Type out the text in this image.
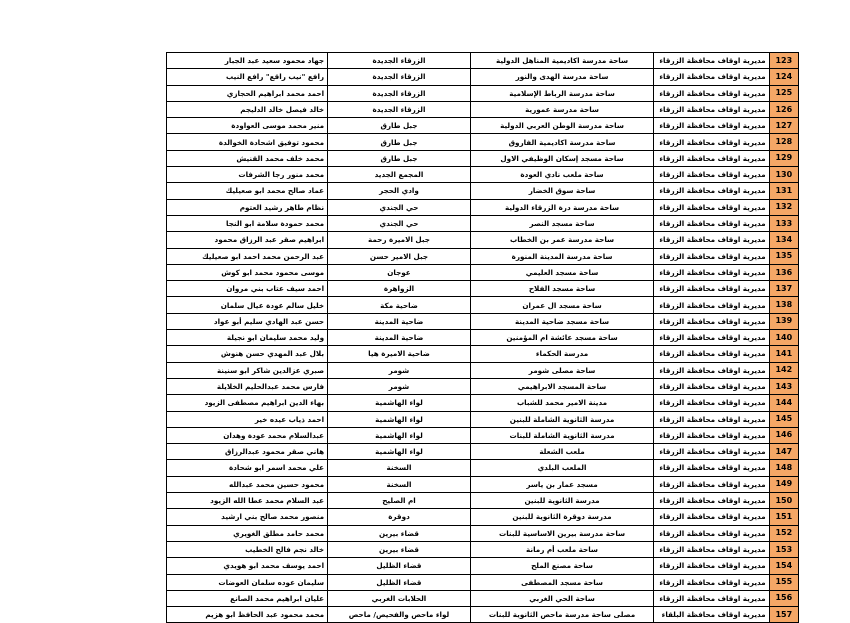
123	مديرية اوقاف محافظة الزرقاء	ساحة مدرسة اكاديمية المناهل الدولية	الزرقاء الجديدة	جهاد محمود سعيد عبد الجبار
124	مديرية اوقاف محافظة الزرقاء	ساحة مدرسة الهدى والنور	الزرقاء الجديدة	رافع "نيب راقع" رافع النيب
125	مديرية اوقاف محافظة الزرقاء	ساحة مدرسة الرباط الإسلامية	الزرقاء الجديدة	احمد محمد ابراهيم الحجازي
126	مديرية اوقاف محافظة الزرقاء	ساحة مدرسة عمورية	الزرقاء الجديدة	خالد فيصل خالد الدليجم
127	مديرية اوقاف محافظة الزرقاء	ساحة مدرسة الوطن العربي الدولية	جبل طارق	منير محمد موسى العواودة
128	مديرية اوقاف محافظة الزرقاء	ساحة مدرسة اكاديمية الفاروق	جبل طارق	محمود توفيق اشحادة الخوالدة
129	مديرية اوقاف محافظة الزرقاء	ساحة مسجد إسكان الوظيفي الاول	جبل طارق	محمد خلف محمد القنيش
130	مديرية اوقاف محافظة الزرقاء	ساحة ملعب نادي العودة	المجمع الجديد	محمد منور رجا الشرفات
131	مديرية اوقاف محافظة الزرقاء	ساحة سوق الخضار	وادي الحجر	عماد صالح محمد ابو صعيليك
132	مديرية اوقاف محافظة الزرقاء	ساحة مدرسة درة الزرقاء الدولية	حي الجندي	نظام طاهر رشيد العتوم
133	مديرية اوقاف محافظة الزرقاء	ساحة مسجد النصر	حي الجندي	محمد حمودة سلامة ابو النجا
134	مديرية اوقاف محافظة الزرقاء	ساحة مدرسة عمر بن الخطاب	جبل الاميرة رحمة	ابراهيم صقر عبد الرزاق محمود
135	مديرية اوقاف محافظة الزرقاء	ساحة مدرسة المدينة المنورة	جبل الامير حسن	عبد الرحمن محمد احمد ابو صعيليك
136	مديرية اوقاف محافظة الزرقاء	ساحة مسجد العليمي	عوجان	موسى محمود محمد ابو كوش
137	مديرية اوقاف محافظة الزرقاء	ساحة مسجد الفلاح	الزواهرة	احمد سيف عتاب بني مروان
138	مديرية اوقاف محافظة الزرقاء	ساحة مسجد ال عمران	ضاحية مكة	خليل سالم عودة عيال سلمان
139	مديرية اوقاف محافظة الزرقاء	ساحة مسجد ضاحية المدينة	ضاحية المدينة	حسن عبد الهادي سليم أبو عواد
140	مديرية اوقاف محافظة الزرقاء	ساحة مسجد عائشة ام المؤمنين	ضاحية المدينة	وليد محمد سليمان ابو نجيلة
141	مديرية اوقاف محافظة الزرقاء	مدرسة الحكماء	ضاحية الاميرة هيا	بلال عبد المهدي حسن هنوش
142	مديرية اوقاف محافظة الزرقاء	ساحة مصلى شومر	شومر	صبري عزالدين شاكر ابو سنينة
143	مديرية اوقاف محافظة الزرقاء	ساحة المسجد الابراهيمي	شومر	فارس محمد عبدالحليم الخلايلة
144	مديرية اوقاف محافظة الزرقاء	مدينة الامير محمد للشباب	لواء الهاشمية	بهاء الدين ابراهيم مصطفى الزيود
145	مديرية اوقاف محافظة الزرقاء	مدرسة الثانوية الشاملة للبنين	لواء الهاشمية	احمد ذياب عيده خير
146	مديرية اوقاف محافظة الزرقاء	مدرسة الثانوية الشاملة للبنات	لواء الهاشمية	عبدالسلام محمد عودة وهدان
147	مديرية اوقاف محافظة الزرقاء	ملعب الشعلة	لواء الهاشمية	هاني صقر محمود عبدالرزاق
148	مديرية اوقاف محافظة الزرقاء	الملعب البلدي	السخنة	علي محمد اسمر ابو شحادة
149	مديرية اوقاف محافظة الزرقاء	مسجد عمار بن ياسر	السخنة	محمود حسين محمد عبدالله
150	مديرية اوقاف محافظة الزرقاء	مدرسة الثانوية للبنين	ام الصليح	عبد السلام محمد عطا الله الزيود
151	مديرية اوقاف محافظة الزرقاء	مدرسة دوقرة الثانوية للبنين	دوقرة	منصور محمد صالح بني ارشيد
152	مديرية اوقاف محافظة الزرقاء	ساحة مدرسة بيرين الاساسية للبنات	قضاء بيرين	محمد حامد مطلق الغويري
153	مديرية اوقاف محافظة الزرقاء	ساحة ملعب أم رمانة	قضاء بيرين	خالد نجم فالح الخطيب
154	مديرية اوقاف محافظة الزرقاء	ساحة مصنع الملح	قضاء الظليل	احمد يوسف محمد ابو هويدي
155	مديرية اوقاف محافظة الزرقاء	ساحة مسجد المصطفى	قضاء الظليل	سليمان عوده سلمان العوضات
156	مديرية اوقاف محافظة الزرقاء	ساحة الحي الغربي	الحلابات الغربي	عليان ابراهيم محمد الصانع
157	مديرية اوقاف محافظة البلقاء	مصلى ساحة مدرسة ماحص الثانوية للبنات	لواء ماحص والفحيص/ ماحص	محمد محمود عبد الحافظ ابو هزيم
